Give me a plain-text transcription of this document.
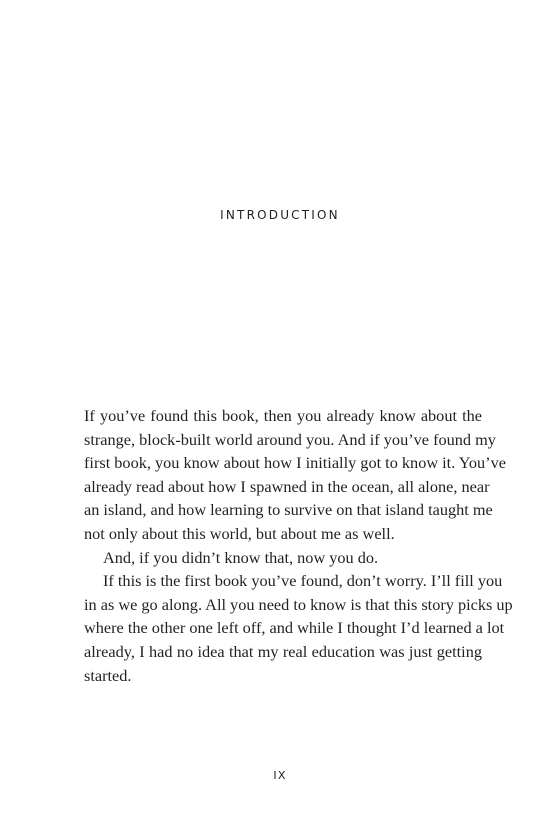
INTRODUCTION
If you’ve found this book, then you already know about the
strange, block-built world around you. And if you’ve found my
first book, you know about how I initially got to know it. You’ve
already read about how I spawned in the ocean, all alone, near
an island, and how learning to survive on that island taught me
not only about this world, but about me as well.
And, if you didn’t know that, now you do.
If this is the first book you’ve found, don’t worry. I’ll fill you
in as we go along. All you need to know is that this story picks up
where the other one left off, and while I thought I’d learned a lot
already, I had no idea that my real education was just getting
started.
IX
